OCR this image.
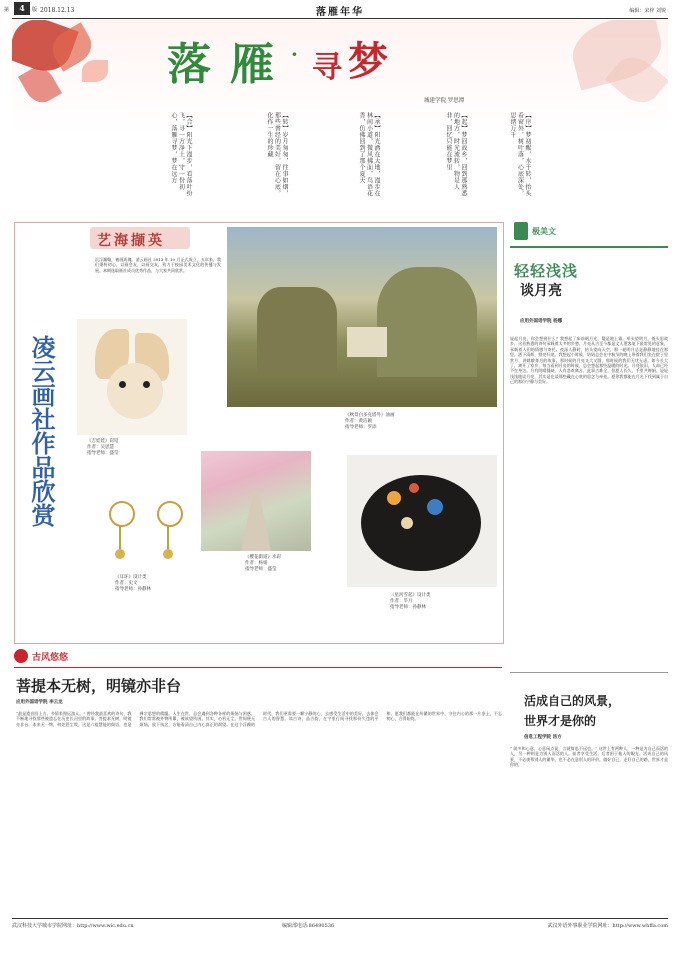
第	4	版 2018.12.13	落雁年华	编辑：宋梓 刘锐
落 雁 · 寻 梦
城建学院 罗思潭
【序】梦初醒，水千转，抬头看窗外，树叶落，心底深处，思绪万千
【起】梦回故乡，回到那熟悉的地方，时光流转，物是人非，回忆只能在梦里
【承】阳光洒在大地，漫步在林间小道，微风拂面，鸟语花香，仿佛回到了那个夏天
【转】岁月匆匆，往事如烟，那些曾经的美好，留在心底，化作一生的珍藏
【合】阳光下漫步，看落叶纷飞，寻一方净土，守一份初心，落雁寻梦，梦在远方
艺海撷英
沉浮瀚翰，被画成瑰。凌云画社 2013 年 10 月正式成立，五年来，我们秉持初心，以画会友，以画交友，致力于校园美术文化的传播与发展。本期选取画社成员优秀作品，与大家共同欣赏。
《秋景白多克塔外》油画
作者：黄洁颖
指导老师：罗添
凌云画社作品欣赏	《吉娃娃》彩铅
作者：吴思慧
指导老师：盛莹
《樱花街道》水彩
作者：杨娟
指导老师：盛莹
《耳环》设计类
作者：史文
指导老师：孙静林
《星河雪起》设计类
作者：毕月
指导老师：孙静林
极美文
轻轻浅浅
谈月亮
应用外国语学院 杨娜
说起月亮，你会想到什么？我想起了床前明月光，疑是地上霜。举头望明月，低头思故乡。这首熟悉的诗句承载着太多的乡愁。月亮从古至今都是文人墨客笔下最常见的意象，承载着人们的情感与寄托。夜深人静时，抬头望向天空，那一轮明月总是静静地挂在那里，洒下清辉，照亮归途。我想起小时候，奶奶总会在中秋节的晚上带着我们坐在院子里赏月，讲嫦娥奔月的故事。那时候的月亮又大又圆，那时候的我们无忧无虑。如今长大了，离开了家乡，每当看到月亮的时候，总会想起那些温暖的时光。月亮依旧，人却已经不在身边。月有阴晴圆缺，人有悲欢离合，此事古难全。但愿人长久，千里共婵娟。轻轻浅浅地谈月亮，其实是在谈那些藏在心底的思念与牵挂。愿你我都能在月光下找到属于自己的那份宁静与美好。
活成自己的风景，
世界才是你的
信息工程学院 汤方
“ 就多和心意，心意闲点说，言就简思不远也。” 这世上有两种人，一种是为自己而活的人，另一种则是为别人而活的人。前者享受生活，后者困于他人的眼光。活成自己的风景，不必羡慕别人的繁华，也不必在意别人的评价。做好自己，走好自己的路，世界才是你的。
古风悠悠
菩提本无树，明镜亦非台
应用外国语学院 李云龙
“最是遗音回上古，多情来照远游人。” 曾经我最喜欢的诗句，我不断地寻找那些被遗忘在历史长河里的故事。菩提本无树，明镜亦非台，本来无一物，何处惹尘埃。这是六祖慧能的偈语，也是禅宗思想的精髓。人生在世，总会遇到各种各样的烦恼与困惑，我们常常被外物所累，被欲望所困。其实，心若无尘，世间便无烦恼。放下执念，方能看清自己内心真正的渴望。在这个浮躁的时代，我们更需要一颗宁静的心，去感受生活中的美好，去体会古人的智慧。读古诗，品古韵，在字里行间寻找那份久违的平和。愿我们都能在纷繁的世界中，守住内心的那一片净土，不忘初心，方得始终。
武汉科技大学城市学院网址：http://www.wic.edu.cn	编辑部电话:86490536	武汉外语外事职业学院网址：http://www.whffa.com
